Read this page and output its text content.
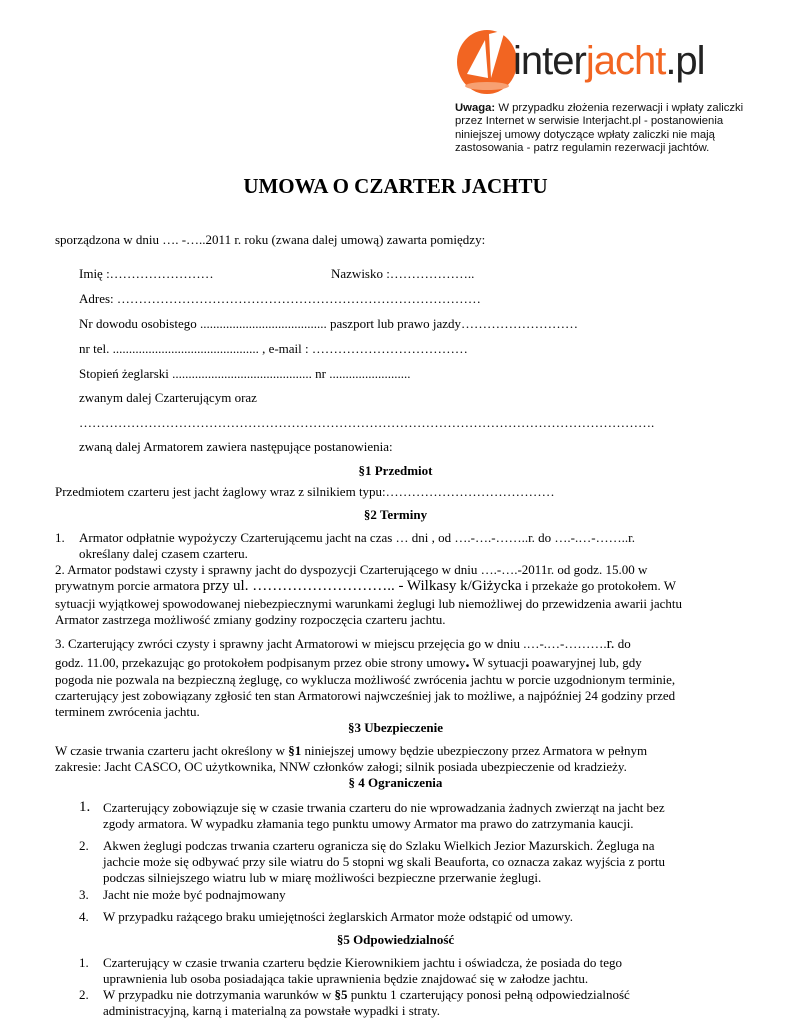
interjacht.pl
Uwaga: W przypadku złożenia rezerwacji i wpłaty zaliczki
przez Internet w serwisie Interjacht.pl - postanowienia
niniejszej umowy dotyczące wpłaty zaliczki nie mają
zastosowania - patrz regulamin rezerwacji jachtów.
UMOWA O CZARTER JACHTU
sporządzona w dniu …. -…..2011 r. roku (zwana dalej umową) zawarta pomiędzy:
Imię :……………………	Nazwisko :………………..
Adres: …………………………………………………………………………
Nr dowodu osobistego ....................................... paszport lub prawo jazdy………………………
nr tel. ............................................. , e-mail : ………………………………
Stopień żeglarski ........................................... nr .........................
zwanym dalej Czarterującym oraz
…………………………………………………………………………………………………………………….
zwaną dalej Armatorem zawiera następujące postanowienia:
§1 Przedmiot
Przedmiotem czarteru jest jacht żaglowy wraz z silnikiem typu:…………………………………
§2 Terminy
1. Armator odpłatnie wypożyczy Czarterującemu jacht na czas … dni , od ….-….-……..r. do ….-.…-……..r.
określany dalej czasem czarteru.
2. Armator podstawi czysty i sprawny jacht do dyspozycji Czarterującego w dniu ….-….-2011r. od godz. 15.00 w
prywatnym porcie armatora przy ul. ……………………….. - Wilkasy k/Giżycka i przekaże go protokołem. W
sytuacji wyjątkowej spowodowanej niebezpiecznymi warunkami żeglugi lub niemożliwej do przewidzenia awarii jachtu
Armator zastrzega możliwość zmiany godziny rozpoczęcia czarteru jachtu.
3. Czarterujący zwróci czysty i sprawny jacht Armatorowi w miejscu przejęcia go w dniu .…-.…-……….r. do
godz. 11.00, przekazując go protokołem podpisanym przez obie strony umowy. W sytuacji poawaryjnej lub, gdy
pogoda nie pozwala na bezpieczną żeglugę, co wyklucza możliwość zwrócenia jachtu w porcie uzgodnionym terminie,
czarterujący jest zobowiązany zgłosić ten stan Armatorowi najwcześniej jak to możliwe, a najpóźniej 24 godziny przed
terminem zwrócenia jachtu.
§3 Ubezpieczenie
W czasie trwania czarteru jacht określony w §1 niniejszej umowy będzie ubezpieczony przez Armatora w pełnym
zakresie: Jacht CASCO, OC użytkownika, NNW członków załogi; silnik posiada ubezpieczenie od kradzieży.
§ 4 Ograniczenia
1. Czarterujący zobowiązuje się w czasie trwania czarteru do nie wprowadzania żadnych zwierząt na jacht bez
zgody armatora. W wypadku złamania tego punktu umowy Armator ma prawo do zatrzymania kaucji.
2. Akwen żeglugi podczas trwania czarteru ogranicza się do Szlaku Wielkich Jezior Mazurskich. Żegluga na
jachcie może się odbywać przy sile wiatru do 5 stopni wg skali Beauforta, co oznacza zakaz wyjścia z portu
podczas silniejszego wiatru lub w miarę możliwości bezpieczne przerwanie żeglugi.
3. Jacht nie może być podnajmowany
4. W przypadku rażącego braku umiejętności żeglarskich Armator może odstąpić od umowy.
§5 Odpowiedzialność
1. Czarterujący w czasie trwania czarteru będzie Kierownikiem jachtu i oświadcza, że posiada do tego
uprawnienia lub osoba posiadająca takie uprawnienia będzie znajdować się w załodze jachtu.
2. W przypadku nie dotrzymania warunków w §5 punktu 1 czarterujący ponosi pełną odpowiedzialność
administracyjną, karną i materialną za powstałe wypadki i straty.
